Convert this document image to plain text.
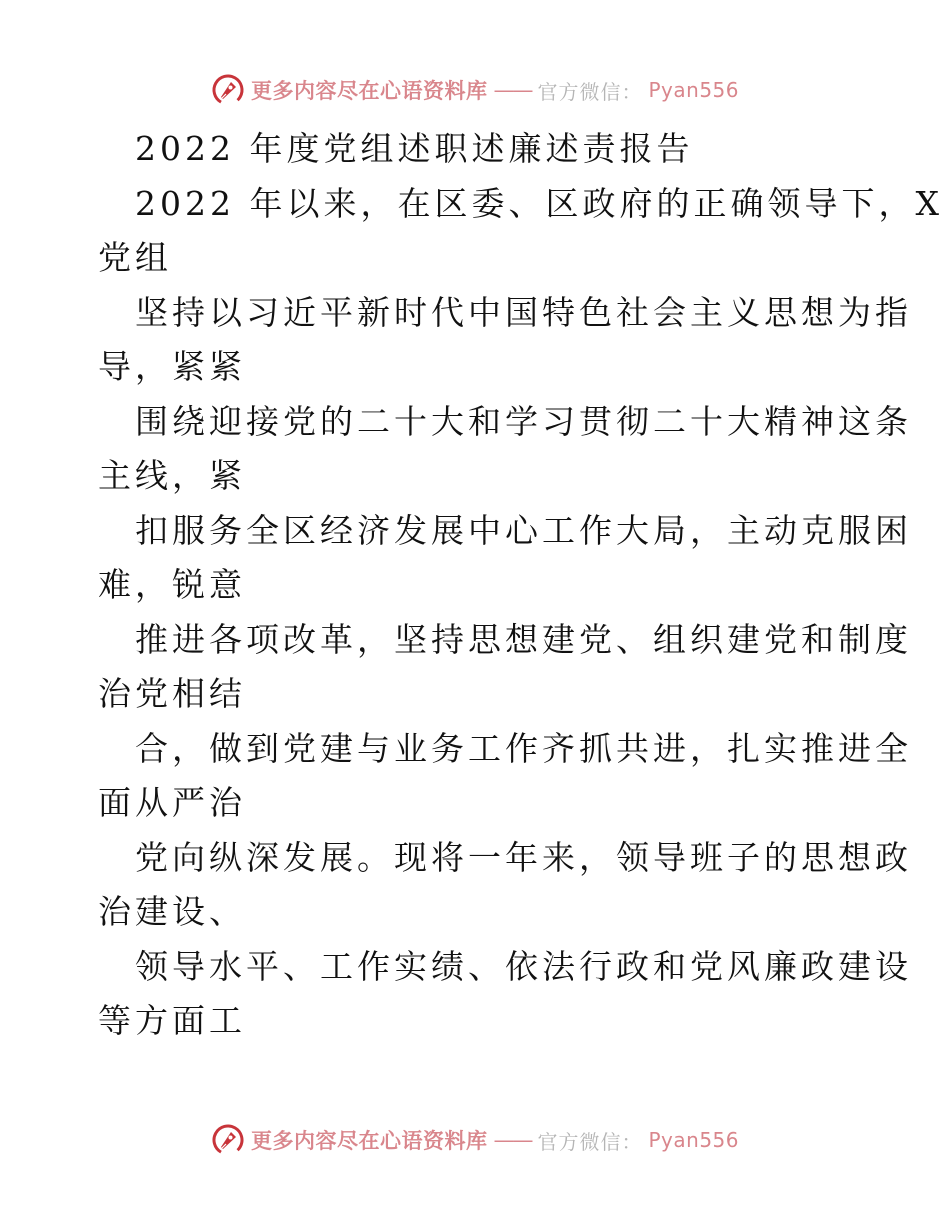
更多内容尽在心语资料库 —— 官方微信： Pyan556
2022 年度党组述职述廉述责报告
2022 年以来，在区委、区政府的正确领导下，X
党组
坚持以习近平新时代中国特色社会主义思想为指
导，紧紧
围绕迎接党的二十大和学习贯彻二十大精神这条
主线，紧
扣服务全区经济发展中心工作大局，主动克服困
难，锐意
推进各项改革，坚持思想建党、组织建党和制度
治党相结
合，做到党建与业务工作齐抓共进，扎实推进全
面从严治
党向纵深发展。现将一年来，领导班子的思想政
治建设、
领导水平、工作实绩、依法行政和党风廉政建设
等方面工
更多内容尽在心语资料库 —— 官方微信： Pyan556
